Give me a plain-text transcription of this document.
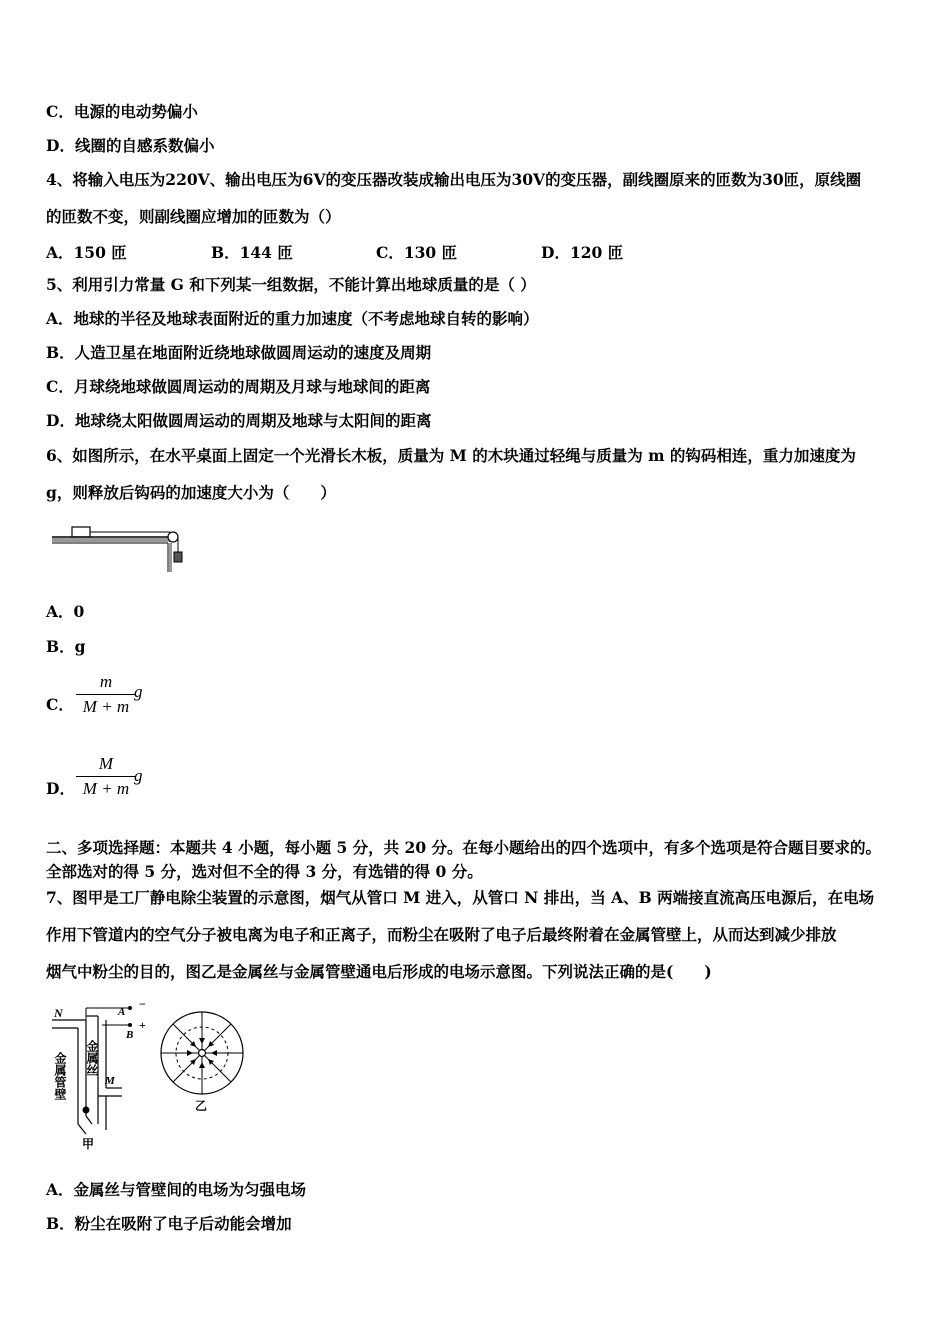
C．电源的电动势偏小
D．线圈的自感系数偏小
4、将输入电压为220V、输出电压为6V的变压器改装成输出电压为30V的变压器，副线圈原来的匝数为30匝，原线圈
的匝数不变，则副线圈应增加的匝数为（）
A．150 匝	B．144 匝	C．130 匝	D．120 匝
5、利用引力常量 G 和下列某一组数据，不能计算出地球质量的是（ ）
A．地球的半径及地球表面附近的重力加速度（不考虑地球自转的影响）
B．人造卫星在地面附近绕地球做圆周运动的速度及周期
C．月球绕地球做圆周运动的周期及月球与地球间的距离
D．地球绕太阳做圆周运动的周期及地球与太阳间的距离
6、如图所示，在水平桌面上固定一个光滑长木板，质量为 M 的木块通过轻绳与质量为 m 的钩码相连，重力加速度为
g，则释放后钩码的加速度大小为（　　）
A．0
B．g
C．
m
M + m
g
D．
M
M + m
g
二、多项选择题：本题共 4 小题，每小题 5 分，共 20 分。在每小题给出的四个选项中，有多个选项是符合题目要求的。
全部选对的得 5 分，选对但不全的得 3 分，有选错的得 0 分。
7、图甲是工厂静电除尘装置的示意图，烟气从管口 M 进入，从管口 N 排出，当 A、B 两端接直流高压电源后，在电场
作用下管道内的空气分子被电离为电子和正离子，而粉尘在吸附了电子后最终附着在金属管壁上，从而达到减少排放
烟气中粉尘的目的，图乙是金属丝与金属管壁通电后形成的电场示意图。下列说法正确的是(　　)
N
M
A
−
B
+
金属管壁 金属丝
甲
乙
A．金属丝与管壁间的电场为匀强电场
B．粉尘在吸附了电子后动能会增加
